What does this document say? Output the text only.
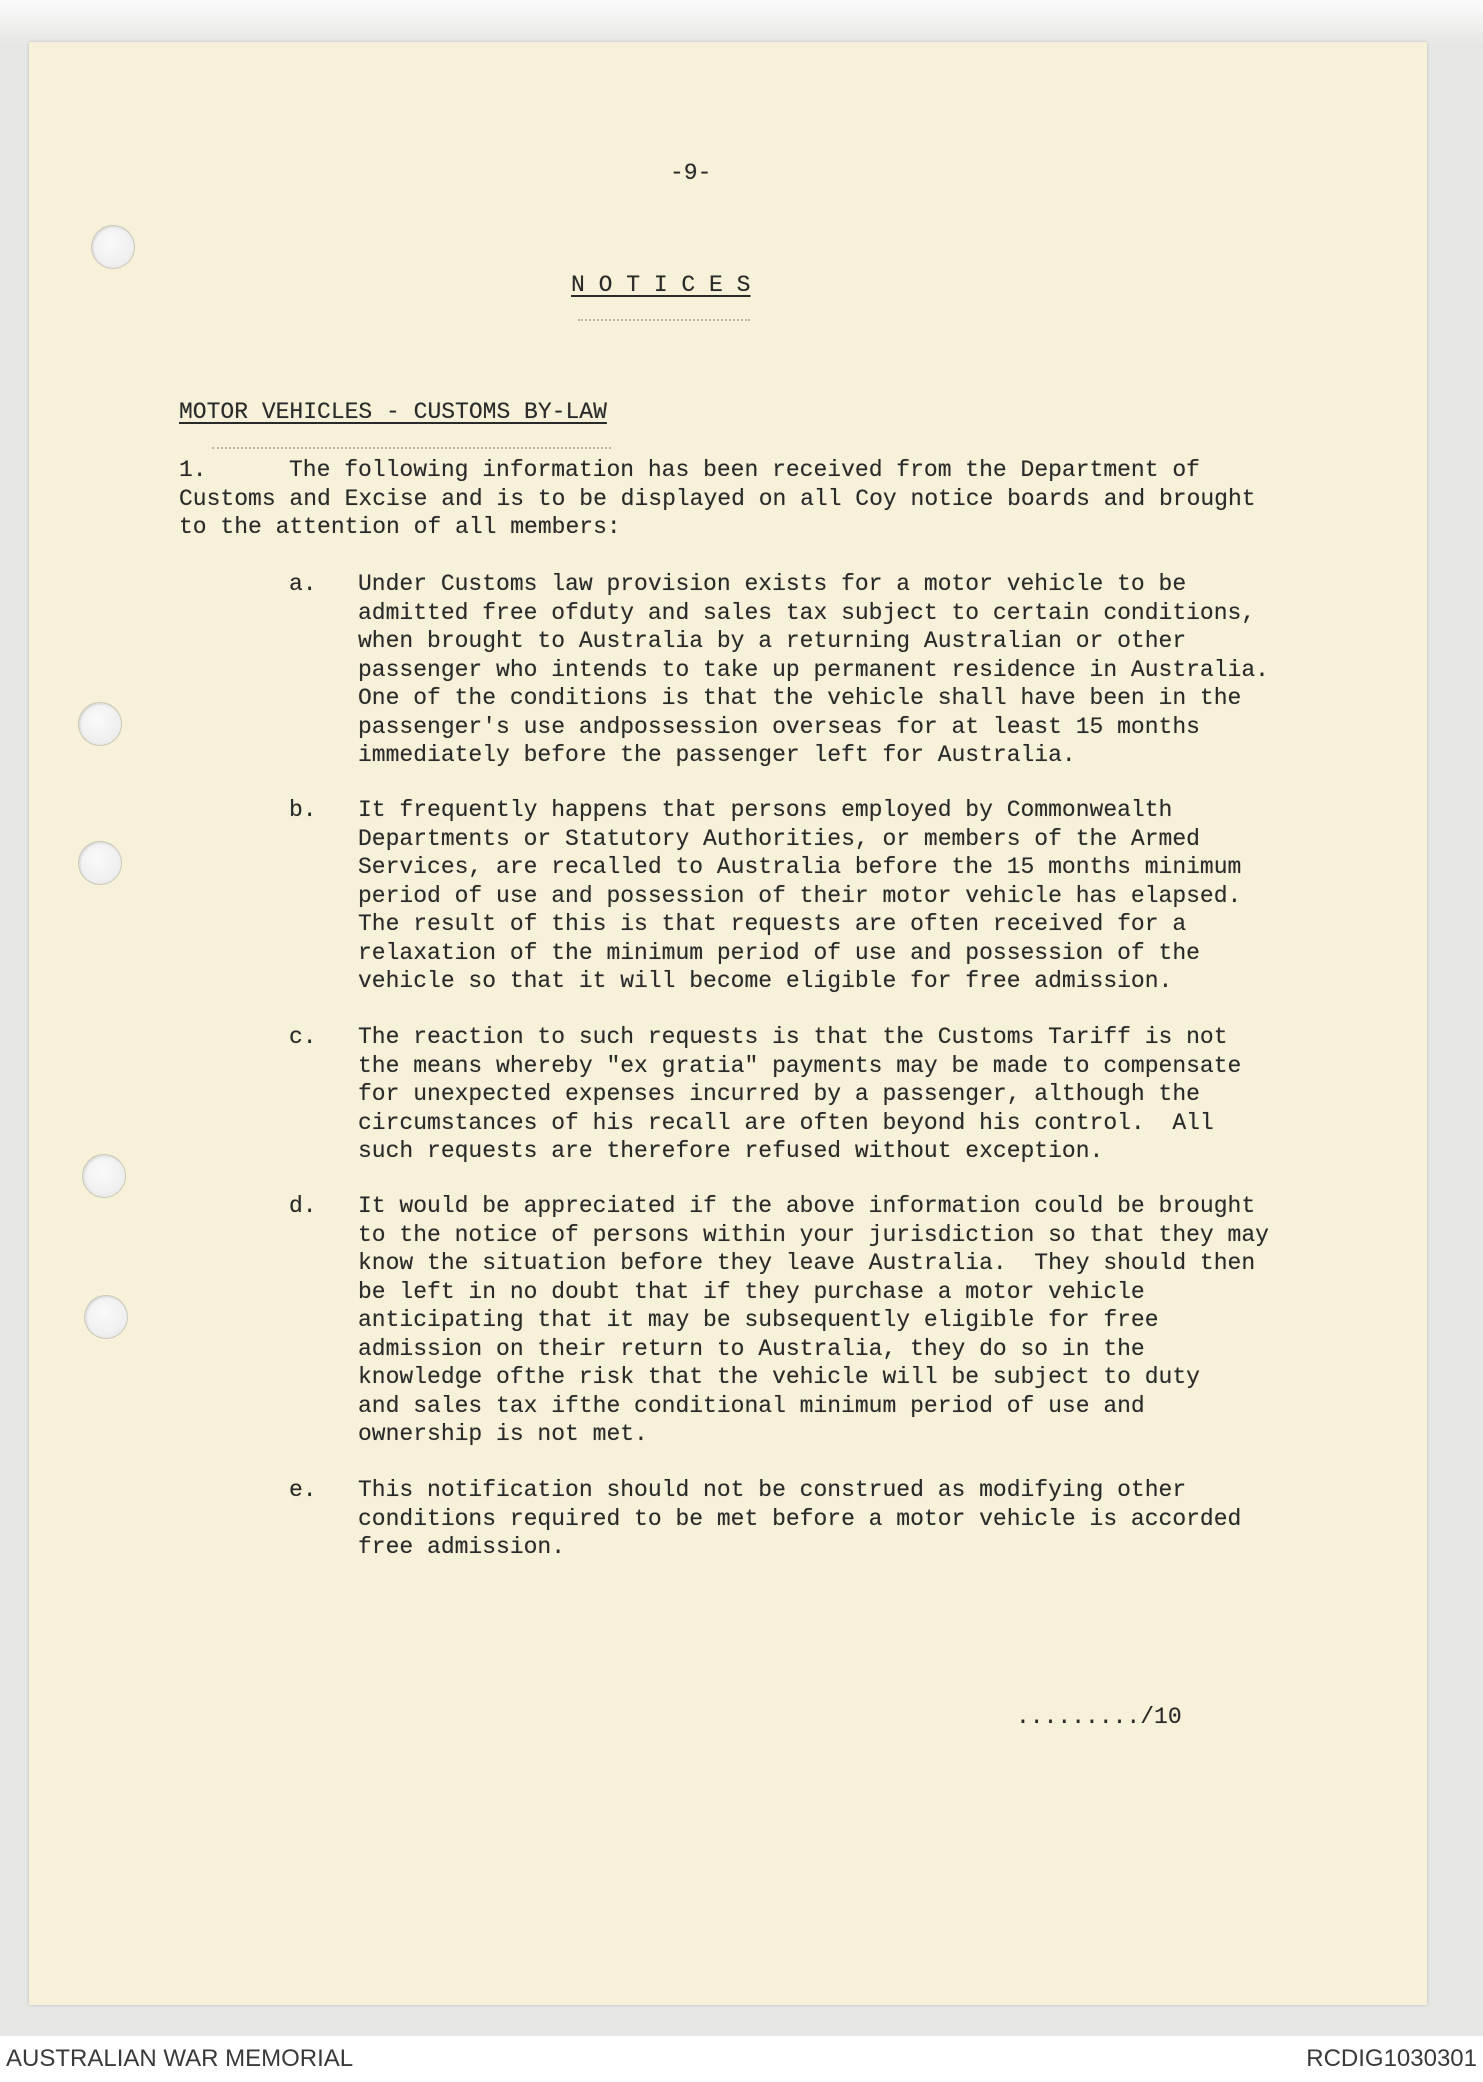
-9-
N O T I C E S
MOTOR VEHICLES - CUSTOMS BY-LAW
1.	The following information has been received from the Department of
Customs and Excise and is to be displayed on all Coy notice boards and brought
to the attention of all members:
a. Under Customs law provision exists for a motor vehicle to be
admitted free ofduty and sales tax subject to certain conditions,
when brought to Australia by a returning Australian or other
passenger who intends to take up permanent residence in Australia.
One of the conditions is that the vehicle shall have been in the
passenger's use andpossession overseas for at least 15 months
immediately before the passenger left for Australia.
b. It frequently happens that persons employed by Commonwealth
Departments or Statutory Authorities, or members of the Armed
Services, are recalled to Australia before the 15 months minimum
period of use and possession of their motor vehicle has elapsed.
The result of this is that requests are often received for a
relaxation of the minimum period of use and possession of the
vehicle so that it will become eligible for free admission.
c. The reaction to such requests is that the Customs Tariff is not
the means whereby "ex gratia" payments may be made to compensate
for unexpected expenses incurred by a passenger, although the
circumstances of his recall are often beyond his control.  All
such requests are therefore refused without exception.
d. It would be appreciated if the above information could be brought
to the notice of persons within your jurisdiction so that they may
know the situation before they leave Australia.  They should then
be left in no doubt that if they purchase a motor vehicle
anticipating that it may be subsequently eligible for free
admission on their return to Australia, they do so in the
knowledge ofthe risk that the vehicle will be subject to duty
and sales tax ifthe conditional minimum period of use and
ownership is not met.
e. This notification should not be construed as modifying other
conditions required to be met before a motor vehicle is accorded
free admission.
........./10
AUSTRALIAN WAR MEMORIAL	RCDIG1030301
